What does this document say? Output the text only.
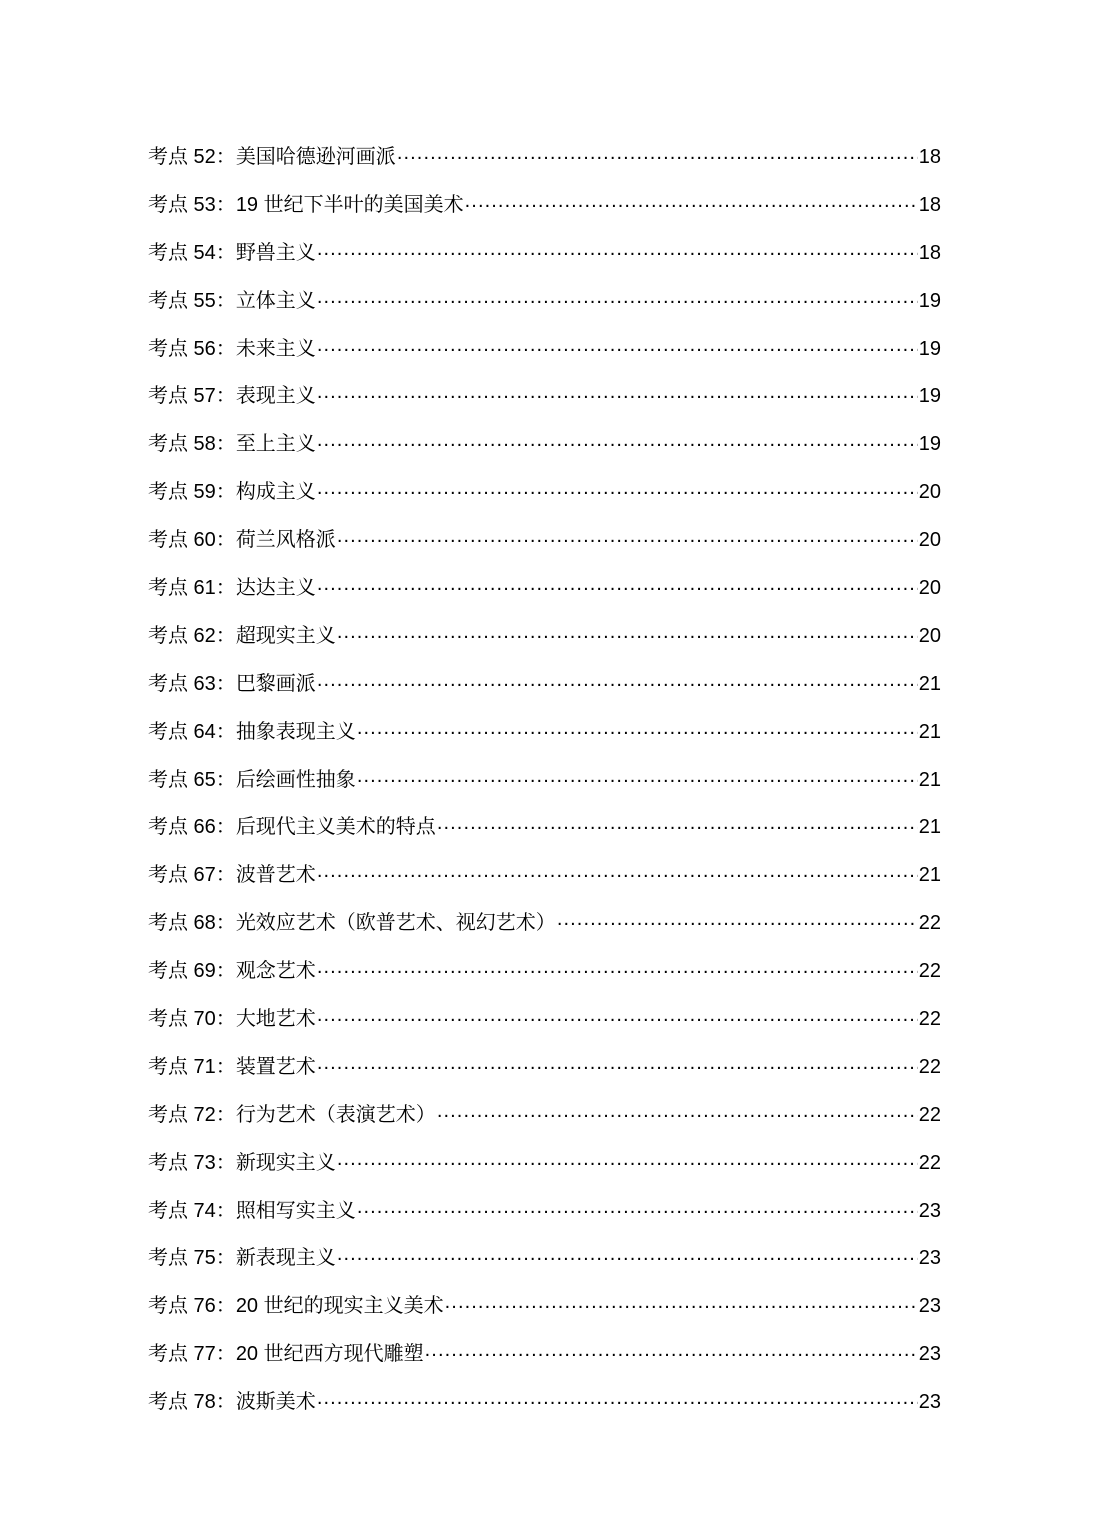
考点 52： 美国哈德逊河画派 .....	18
考点 53： 19 世纪下半叶的美国美术 .....	18
考点 54： 野兽主义 .....	18
考点 55： 立体主义 .....	19
考点 56： 未来主义 .....	19
考点 57： 表现主义 .....	19
考点 58： 至上主义 .....	19
考点 59： 构成主义 .....	20
考点 60： 荷兰风格派 .....	20
考点 61： 达达主义 .....	20
考点 62： 超现实主义 .....	20
考点 63： 巴黎画派 .....	21
考点 64： 抽象表现主义 .....	21
考点 65： 后绘画性抽象 .....	21
考点 66： 后现代主义美术的特点 .....	21
考点 67： 波普艺术 .....	21
考点 68： 光效应艺术（欧普艺术、视幻艺术） .....	22
考点 69： 观念艺术 .....	22
考点 70： 大地艺术 .....	22
考点 71： 装置艺术 .....	22
考点 72： 行为艺术（表演艺术） .....	22
考点 73： 新现实主义 .....	22
考点 74： 照相写实主义 .....	23
考点 75： 新表现主义 .....	23
考点 76： 20 世纪的现实主义美术 .....	23
考点 77： 20 世纪西方现代雕塑 .....	23
考点 78： 波斯美术 .....	23
